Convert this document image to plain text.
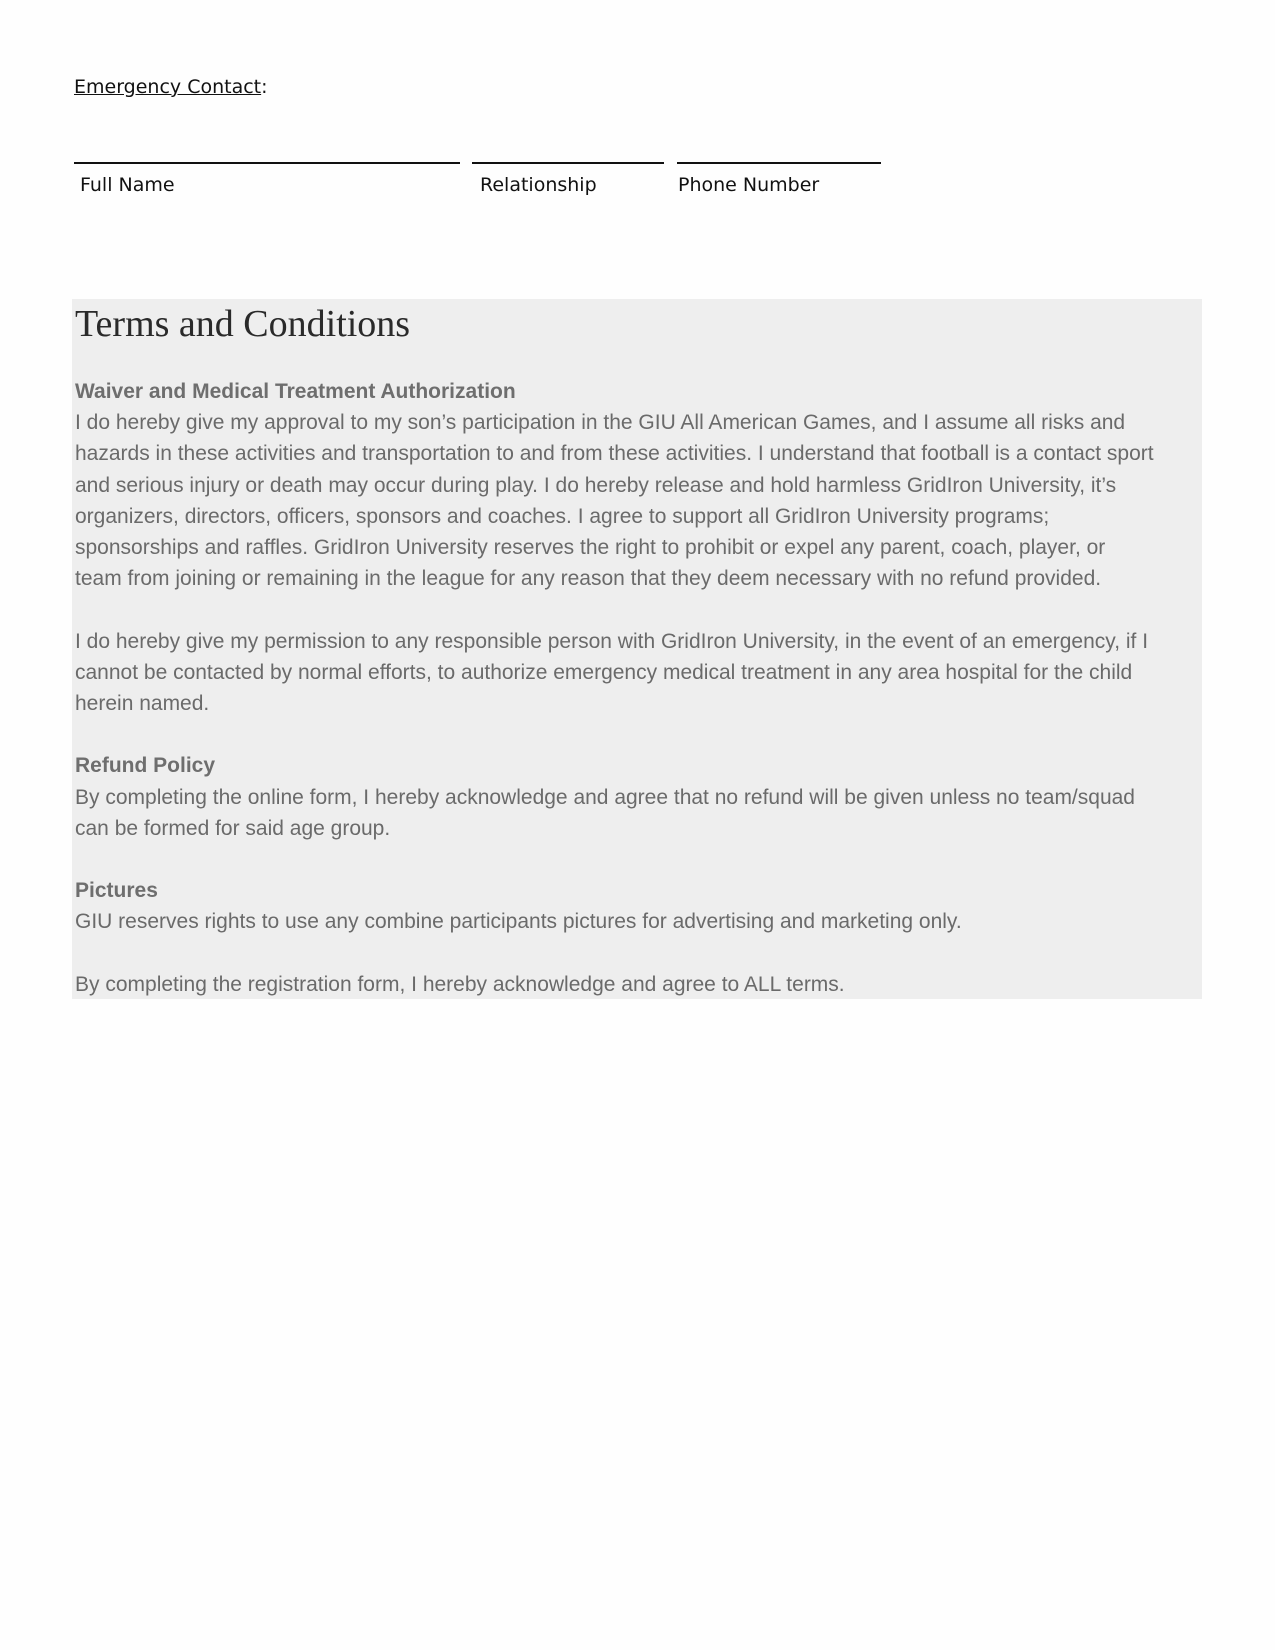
Emergency Contact:
Full Name	Relationship	Phone Number
Terms and Conditions

Waiver and Medical Treatment Authorization

I do hereby give my approval to my son’s participation in the GIU All American Games, and I assume all risks and

hazards in these activities and transportation to and from these activities. I understand that football is a contact sport

and serious injury or death may occur during play. I do hereby release and hold harmless GridIron University, it’s

organizers, directors, officers, sponsors and coaches. I agree to support all GridIron University programs;

sponsorships and raffles. GridIron University reserves the right to prohibit or expel any parent, coach, player, or

team from joining or remaining in the league for any reason that they deem necessary with no refund provided.

I do hereby give my permission to any responsible person with GridIron University, in the event of an emergency, if I

cannot be contacted by normal efforts, to authorize emergency medical treatment in any area hospital for the child

herein named.

Refund Policy

By completing the online form, I hereby acknowledge and agree that no refund will be given unless no team/squad

can be formed for said age group.

Pictures

GIU reserves rights to use any combine participants pictures for advertising and marketing only.

By completing the registration form, I hereby acknowledge and agree to ALL terms.
